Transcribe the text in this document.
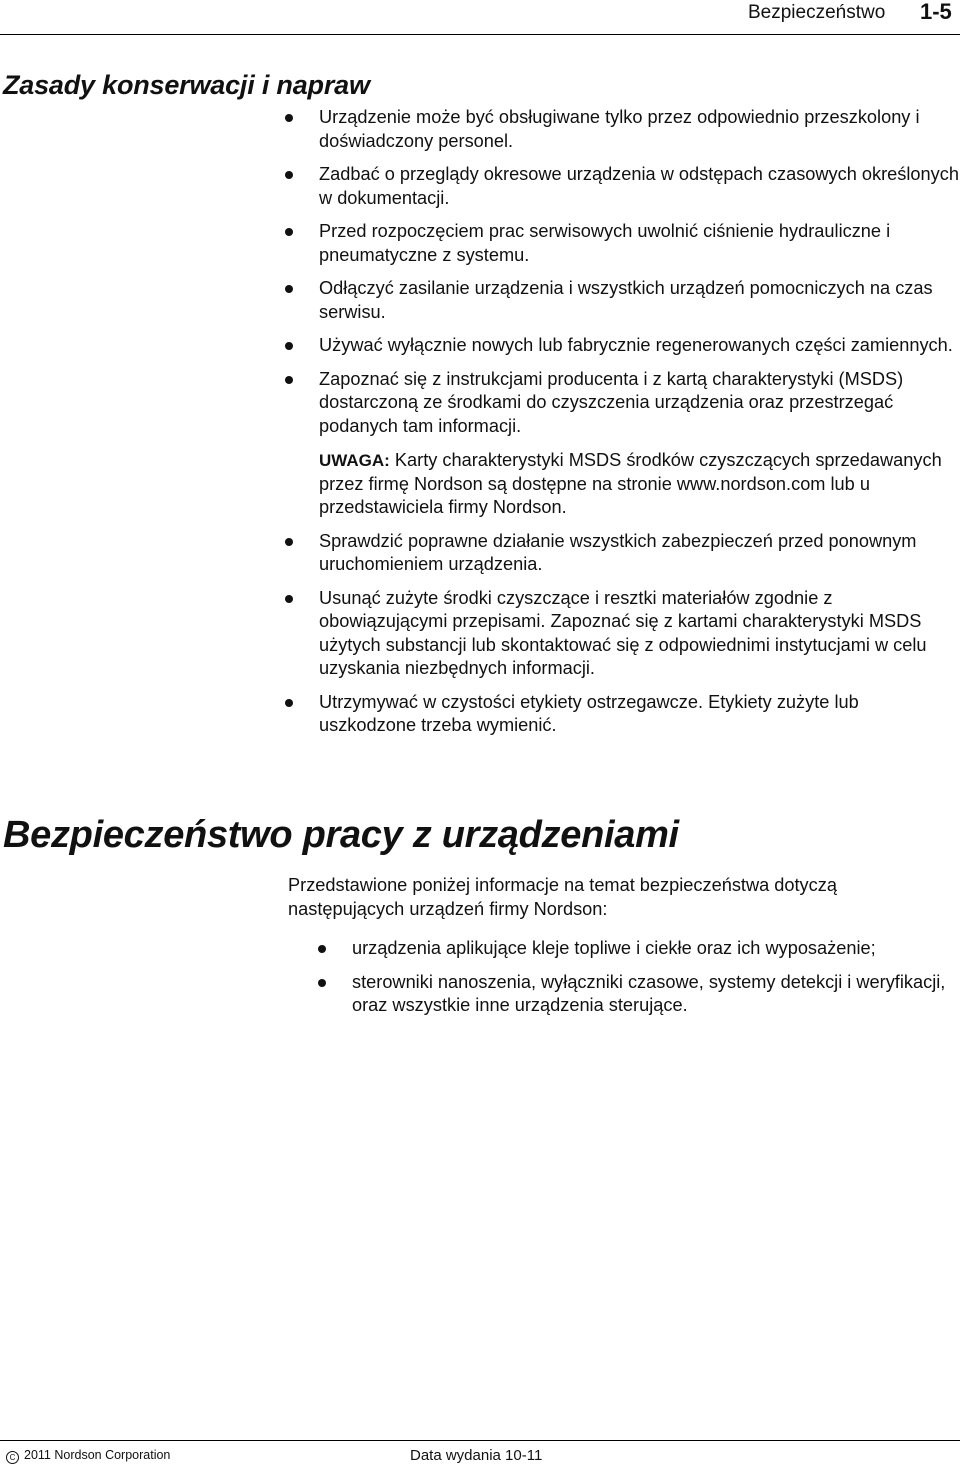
Bezpieczeństwo 1-5
Zasady konserwacji i napraw
Urządzenie może być obsługiwane tylko przez odpowiednio przeszkolony i doświadczony personel.
Zadbać o przeglądy okresowe urządzenia w odstępach czasowych określonych w dokumentacji.
Przed rozpoczęciem prac serwisowych uwolnić ciśnienie hydrauliczne i pneumatyczne z systemu.
Odłączyć zasilanie urządzenia i wszystkich urządzeń pomocniczych na czas serwisu.
Używać wyłącznie nowych lub fabrycznie regenerowanych części zamiennych.
Zapoznać się z instrukcjami producenta i z kartą charakterystyki (MSDS) dostarczoną ze środkami do czyszczenia urządzenia oraz przestrzegać podanych tam informacji.

UWAGA: Karty charakterystyki MSDS środków czyszczących sprzedawanych przez firmę Nordson są dostępne na stronie www.nordson.com lub u przedstawiciela firmy Nordson.

Sprawdzić poprawne działanie wszystkich zabezpieczeń przed ponownym uruchomieniem urządzenia.
Usunąć zużyte środki czyszczące i resztki materiałów zgodnie z obowiązującymi przepisami. Zapoznać się z kartami charakterystyki MSDS użytych substancji lub skontaktować się z odpowiednimi instytucjami w celu uzyskania niezbędnych informacji.
Utrzymywać w czystości etykiety ostrzegawcze. Etykiety zużyte lub uszkodzone trzeba wymienić.
Bezpieczeństwo pracy z urządzeniami

Przedstawione poniżej informacje na temat bezpieczeństwa dotyczą następujących urządzeń firmy Nordson:

urządzenia aplikujące kleje topliwe i ciekłe oraz ich wyposażenie;
sterowniki nanoszenia, wyłączniki czasowe, systemy detekcji i weryfikacji, oraz wszystkie inne urządzenia sterujące.
C 2011 Nordson Corporation	Data wydania 10-11
